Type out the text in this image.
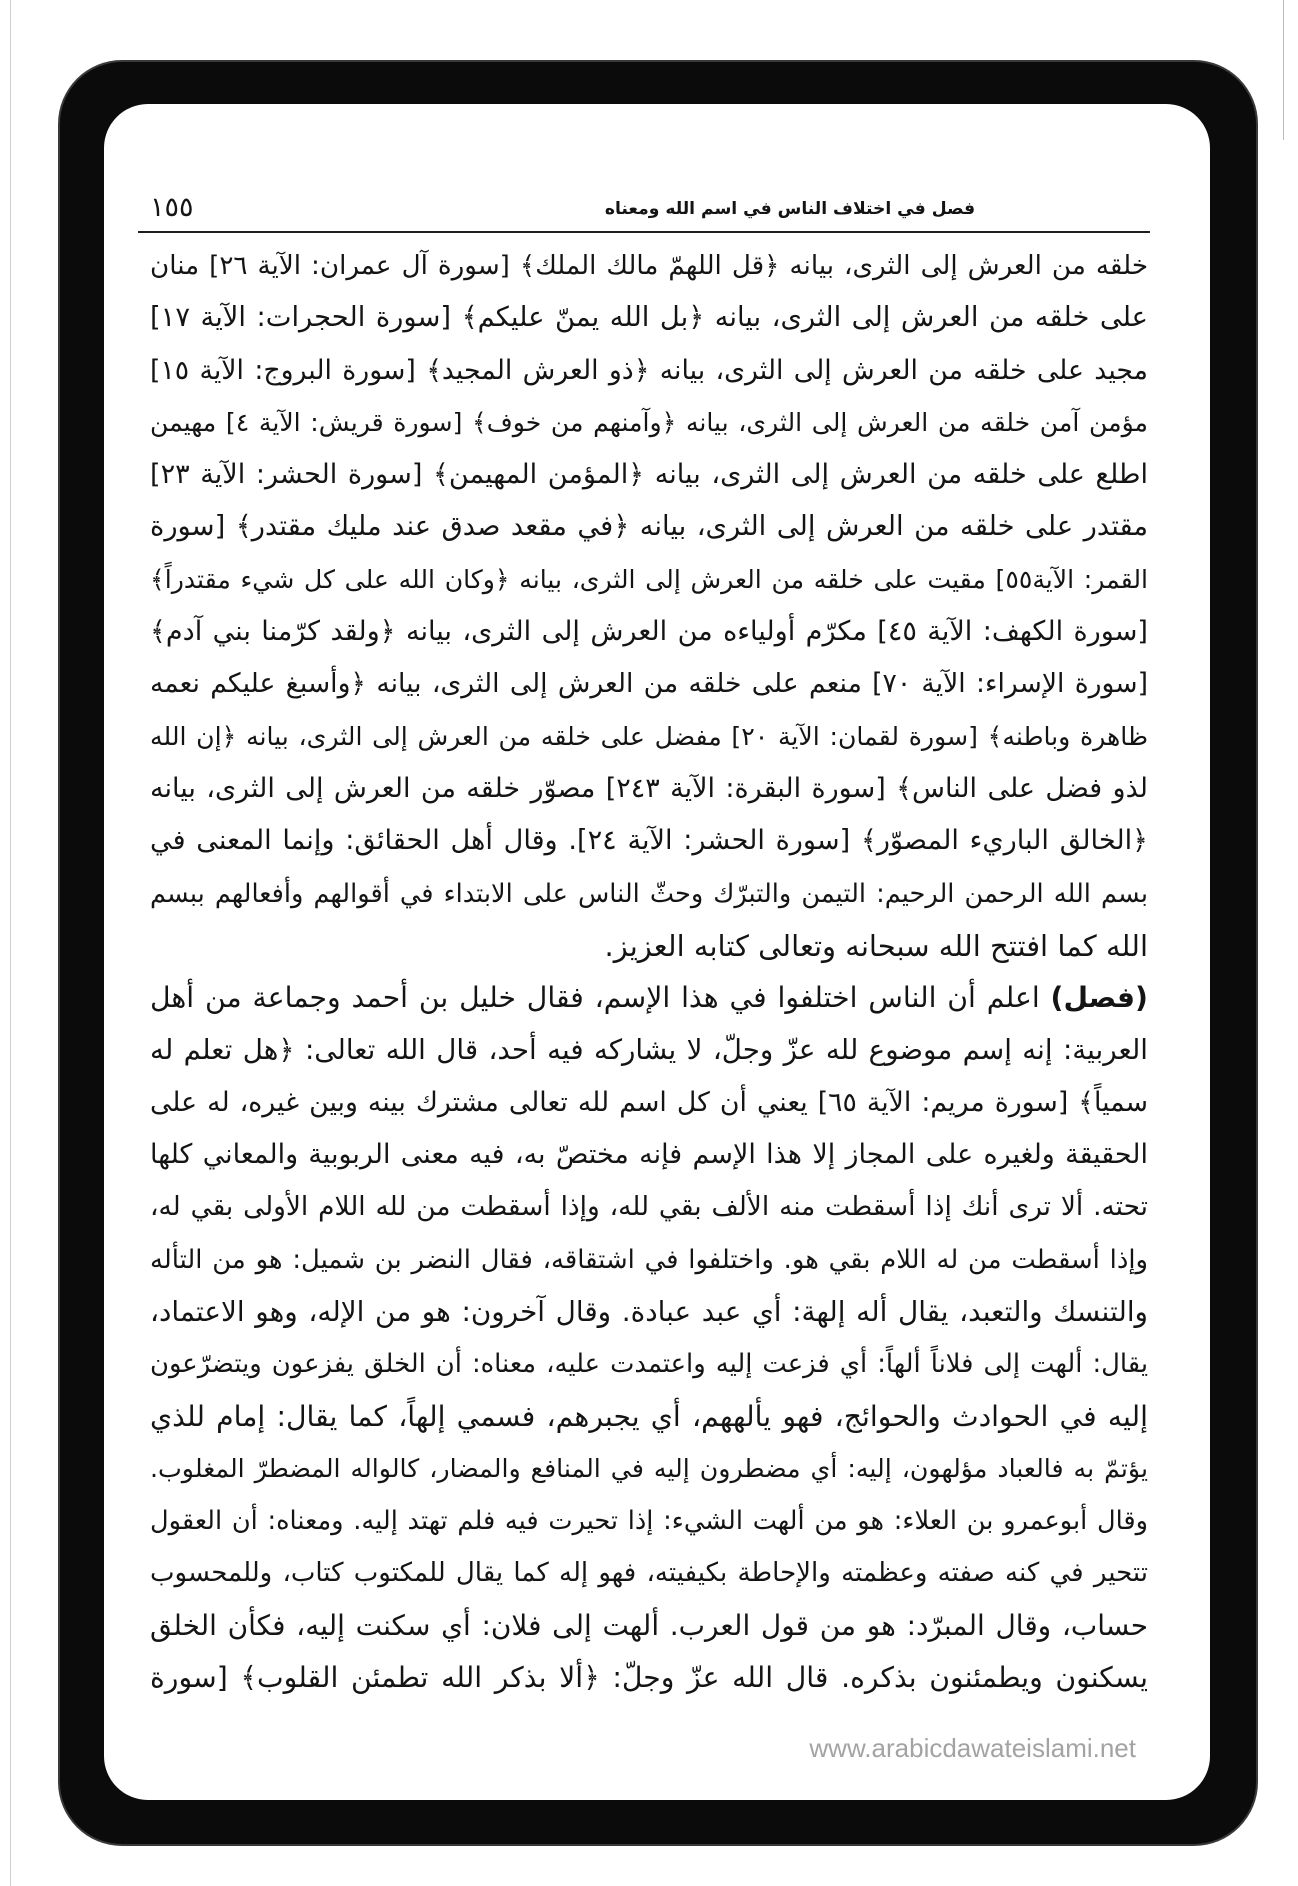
١٥٥	فصل في اختلاف الناس في اسم الله ومعناه
خلقه من العرش إلى الثرى، بيانه ﴿قل اللهمّ مالك الملك﴾ [سورة آل عمران: الآية ٢٦] منان
على خلقه من العرش إلى الثرى، بيانه ﴿بل الله يمنّ عليكم﴾ [سورة الحجرات: الآية ١٧]
مجيد على خلقه من العرش إلى الثرى، بيانه ﴿ذو العرش المجيد﴾ [سورة البروج: الآية ١٥]
مؤمن آمن خلقه من العرش إلى الثرى، بيانه ﴿وآمنهم من خوف﴾ [سورة قريش: الآية ٤] مهيمن
اطلع على خلقه من العرش إلى الثرى، بيانه ﴿المؤمن المهيمن﴾ [سورة الحشر: الآية ٢٣]
مقتدر على خلقه من العرش إلى الثرى، بيانه ﴿في مقعد صدق عند مليك مقتدر﴾ [سورة
القمر: الآية٥٥] مقيت على خلقه من العرش إلى الثرى، بيانه ﴿وكان الله على كل شيء مقتدراً﴾
[سورة الكهف: الآية ٤٥] مكرّم أولياءه من العرش إلى الثرى، بيانه ﴿ولقد كرّمنا بني آدم﴾
[سورة الإسراء: الآية ٧٠] منعم على خلقه من العرش إلى الثرى، بيانه ﴿وأسبغ عليكم نعمه
ظاهرة وباطنه﴾ [سورة لقمان: الآية ٢٠] مفضل على خلقه من العرش إلى الثرى، بيانه ﴿إن الله
لذو فضل على الناس﴾ [سورة البقرة: الآية ٢٤٣] مصوّر خلقه من العرش إلى الثرى، بيانه
﴿الخالق الباريء المصوّر﴾ [سورة الحشر: الآية ٢٤]. وقال أهل الحقائق: وإنما المعنى في
بسم الله الرحمن الرحيم: التيمن والتبرّك وحثّ الناس على الابتداء في أقوالهم وأفعالهم ببسم
الله كما افتتح الله سبحانه وتعالى كتابه العزيز.
(فصل) اعلم أن الناس اختلفوا في هذا الإسم، فقال خليل بن أحمد وجماعة من أهل
العربية: إنه إسم موضوع لله عزّ وجلّ، لا يشاركه فيه أحد، قال الله تعالى: ﴿هل تعلم له
سمياً﴾ [سورة مريم: الآية ٦٥] يعني أن كل اسم لله تعالى مشترك بينه وبين غيره، له على
الحقيقة ولغيره على المجاز إلا هذا الإسم فإنه مختصّ به، فيه معنى الربوبية والمعاني كلها
تحته. ألا ترى أنك إذا أسقطت منه الألف بقي لله، وإذا أسقطت من لله اللام الأولى بقي له،
وإذا أسقطت من له اللام بقي هو. واختلفوا في اشتقاقه، فقال النضر بن شميل: هو من التأله
والتنسك والتعبد، يقال أله إلهة: أي عبد عبادة. وقال آخرون: هو من الإله، وهو الاعتماد،
يقال: ألهت إلى فلاناً ألهاً: أي فزعت إليه واعتمدت عليه، معناه: أن الخلق يفزعون ويتضرّعون
إليه في الحوادث والحوائج، فهو يألههم، أي يجبرهم، فسمي إلهاً، كما يقال: إمام للذي
يؤتمّ به فالعباد مؤلهون، إليه: أي مضطرون إليه في المنافع والمضار، كالواله المضطرّ المغلوب.
وقال أبوعمرو بن العلاء: هو من ألهت الشيء: إذا تحيرت فيه فلم تهتد إليه. ومعناه: أن العقول
تتحير في كنه صفته وعظمته والإحاطة بكيفيته، فهو إله كما يقال للمكتوب كتاب، وللمحسوب
حساب، وقال المبرّد: هو من قول العرب. ألهت إلى فلان: أي سكنت إليه، فكأن الخلق
يسكنون ويطمئنون بذكره. قال الله عزّ وجلّ: ﴿ألا بذكر الله تطمئن القلوب﴾ [سورة
www.arabicdawateislami.net
